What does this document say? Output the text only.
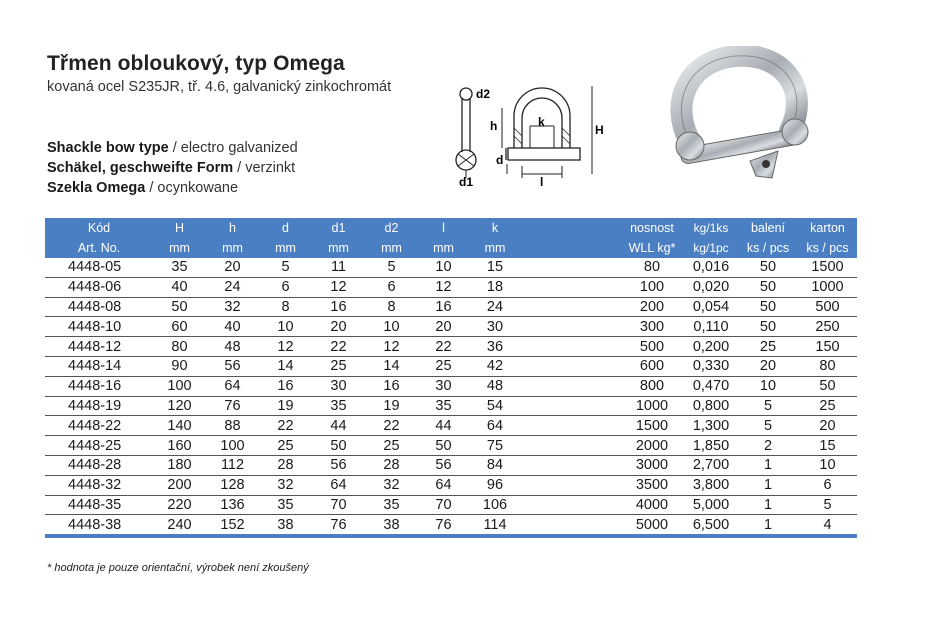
Třmen obloukový, typ Omega
kovaná ocel S235JR, tř. 4.6, galvanický zinkochromát
Shackle bow type / electro galvanized
Schäkel, geschweifte Form / verzinkt
Szekla Omega / ocynkowane
d2
d1
h	k
H
d
l
Kód	H	h	d	d1	d2	l	k		nosnost	kg/1ks	balení	karton
Art. No.	mm	mm	mm	mm	mm	mm	mm		WLL kg*	kg/1pc	ks / pcs	ks / pcs
4448-05	35	20	5	11	5	10	15		80	0,016	50	1500
4448-06	40	24	6	12	6	12	18		100	0,020	50	1000
4448-08	50	32	8	16	8	16	24		200	0,054	50	500
4448-10	60	40	10	20	10	20	30		300	0,110	50	250
4448-12	80	48	12	22	12	22	36		500	0,200	25	150
4448-14	90	56	14	25	14	25	42		600	0,330	20	80
4448-16	100	64	16	30	16	30	48		800	0,470	10	50
4448-19	120	76	19	35	19	35	54		1000	0,800	5	25
4448-22	140	88	22	44	22	44	64		1500	1,300	5	20
4448-25	160	100	25	50	25	50	75		2000	1,850	2	15
4448-28	180	112	28	56	28	56	84		3000	2,700	1	10
4448-32	200	128	32	64	32	64	96		3500	3,800	1	6
4448-35	220	136	35	70	35	70	106		4000	5,000	1	5
4448-38	240	152	38	76	38	76	114		5000	6,500	1	4
* hodnota je pouze orientační, výrobek není zkoušený
